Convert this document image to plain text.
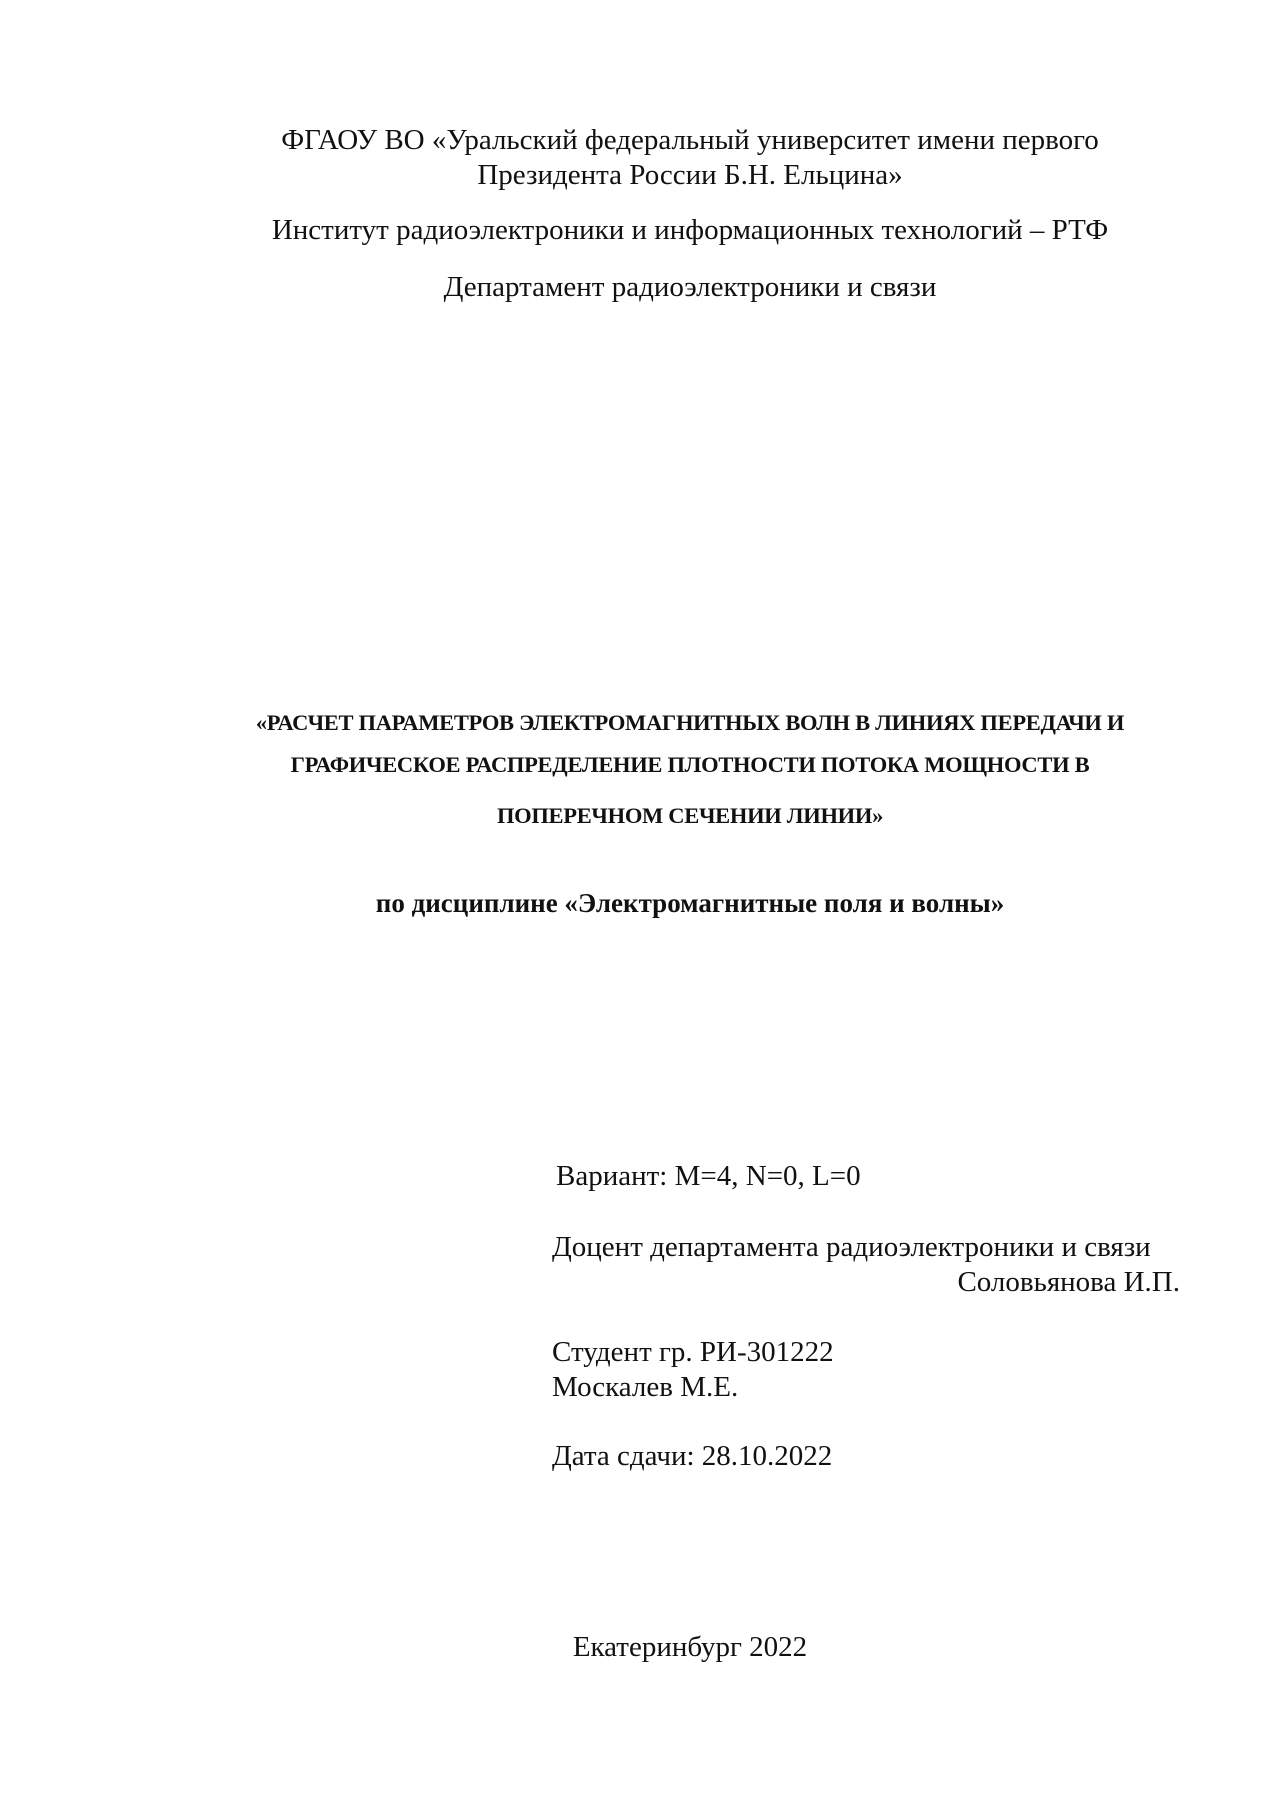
ФГАОУ ВО «Уральский федеральный университет имени первого

Президента России Б.Н. Ельцина»

Институт радиоэлектроники и информационных технологий – РТФ

Департамент радиоэлектроники и связи

«РАСЧЕТ ПАРАМЕТРОВ ЭЛЕКТРОМАГНИТНЫХ ВОЛН В ЛИНИЯХ ПЕРЕДАЧИ И

ГРАФИЧЕСКОЕ РАСПРЕДЕЛЕНИЕ ПЛОТНОСТИ ПОТОКА МОЩНОСТИ В

ПОПЕРЕЧНОМ СЕЧЕНИИ ЛИНИИ»

по дисциплине «Электромагнитные поля и волны»

Вариант: M=4, N=0, L=0

Доцент департамента радиоэлектроники и связи

Соловьянова И.П.

Студент гр. РИ-301222

Москалев М.Е.

Дата сдачи: 28.10.2022

Екатеринбург 2022
